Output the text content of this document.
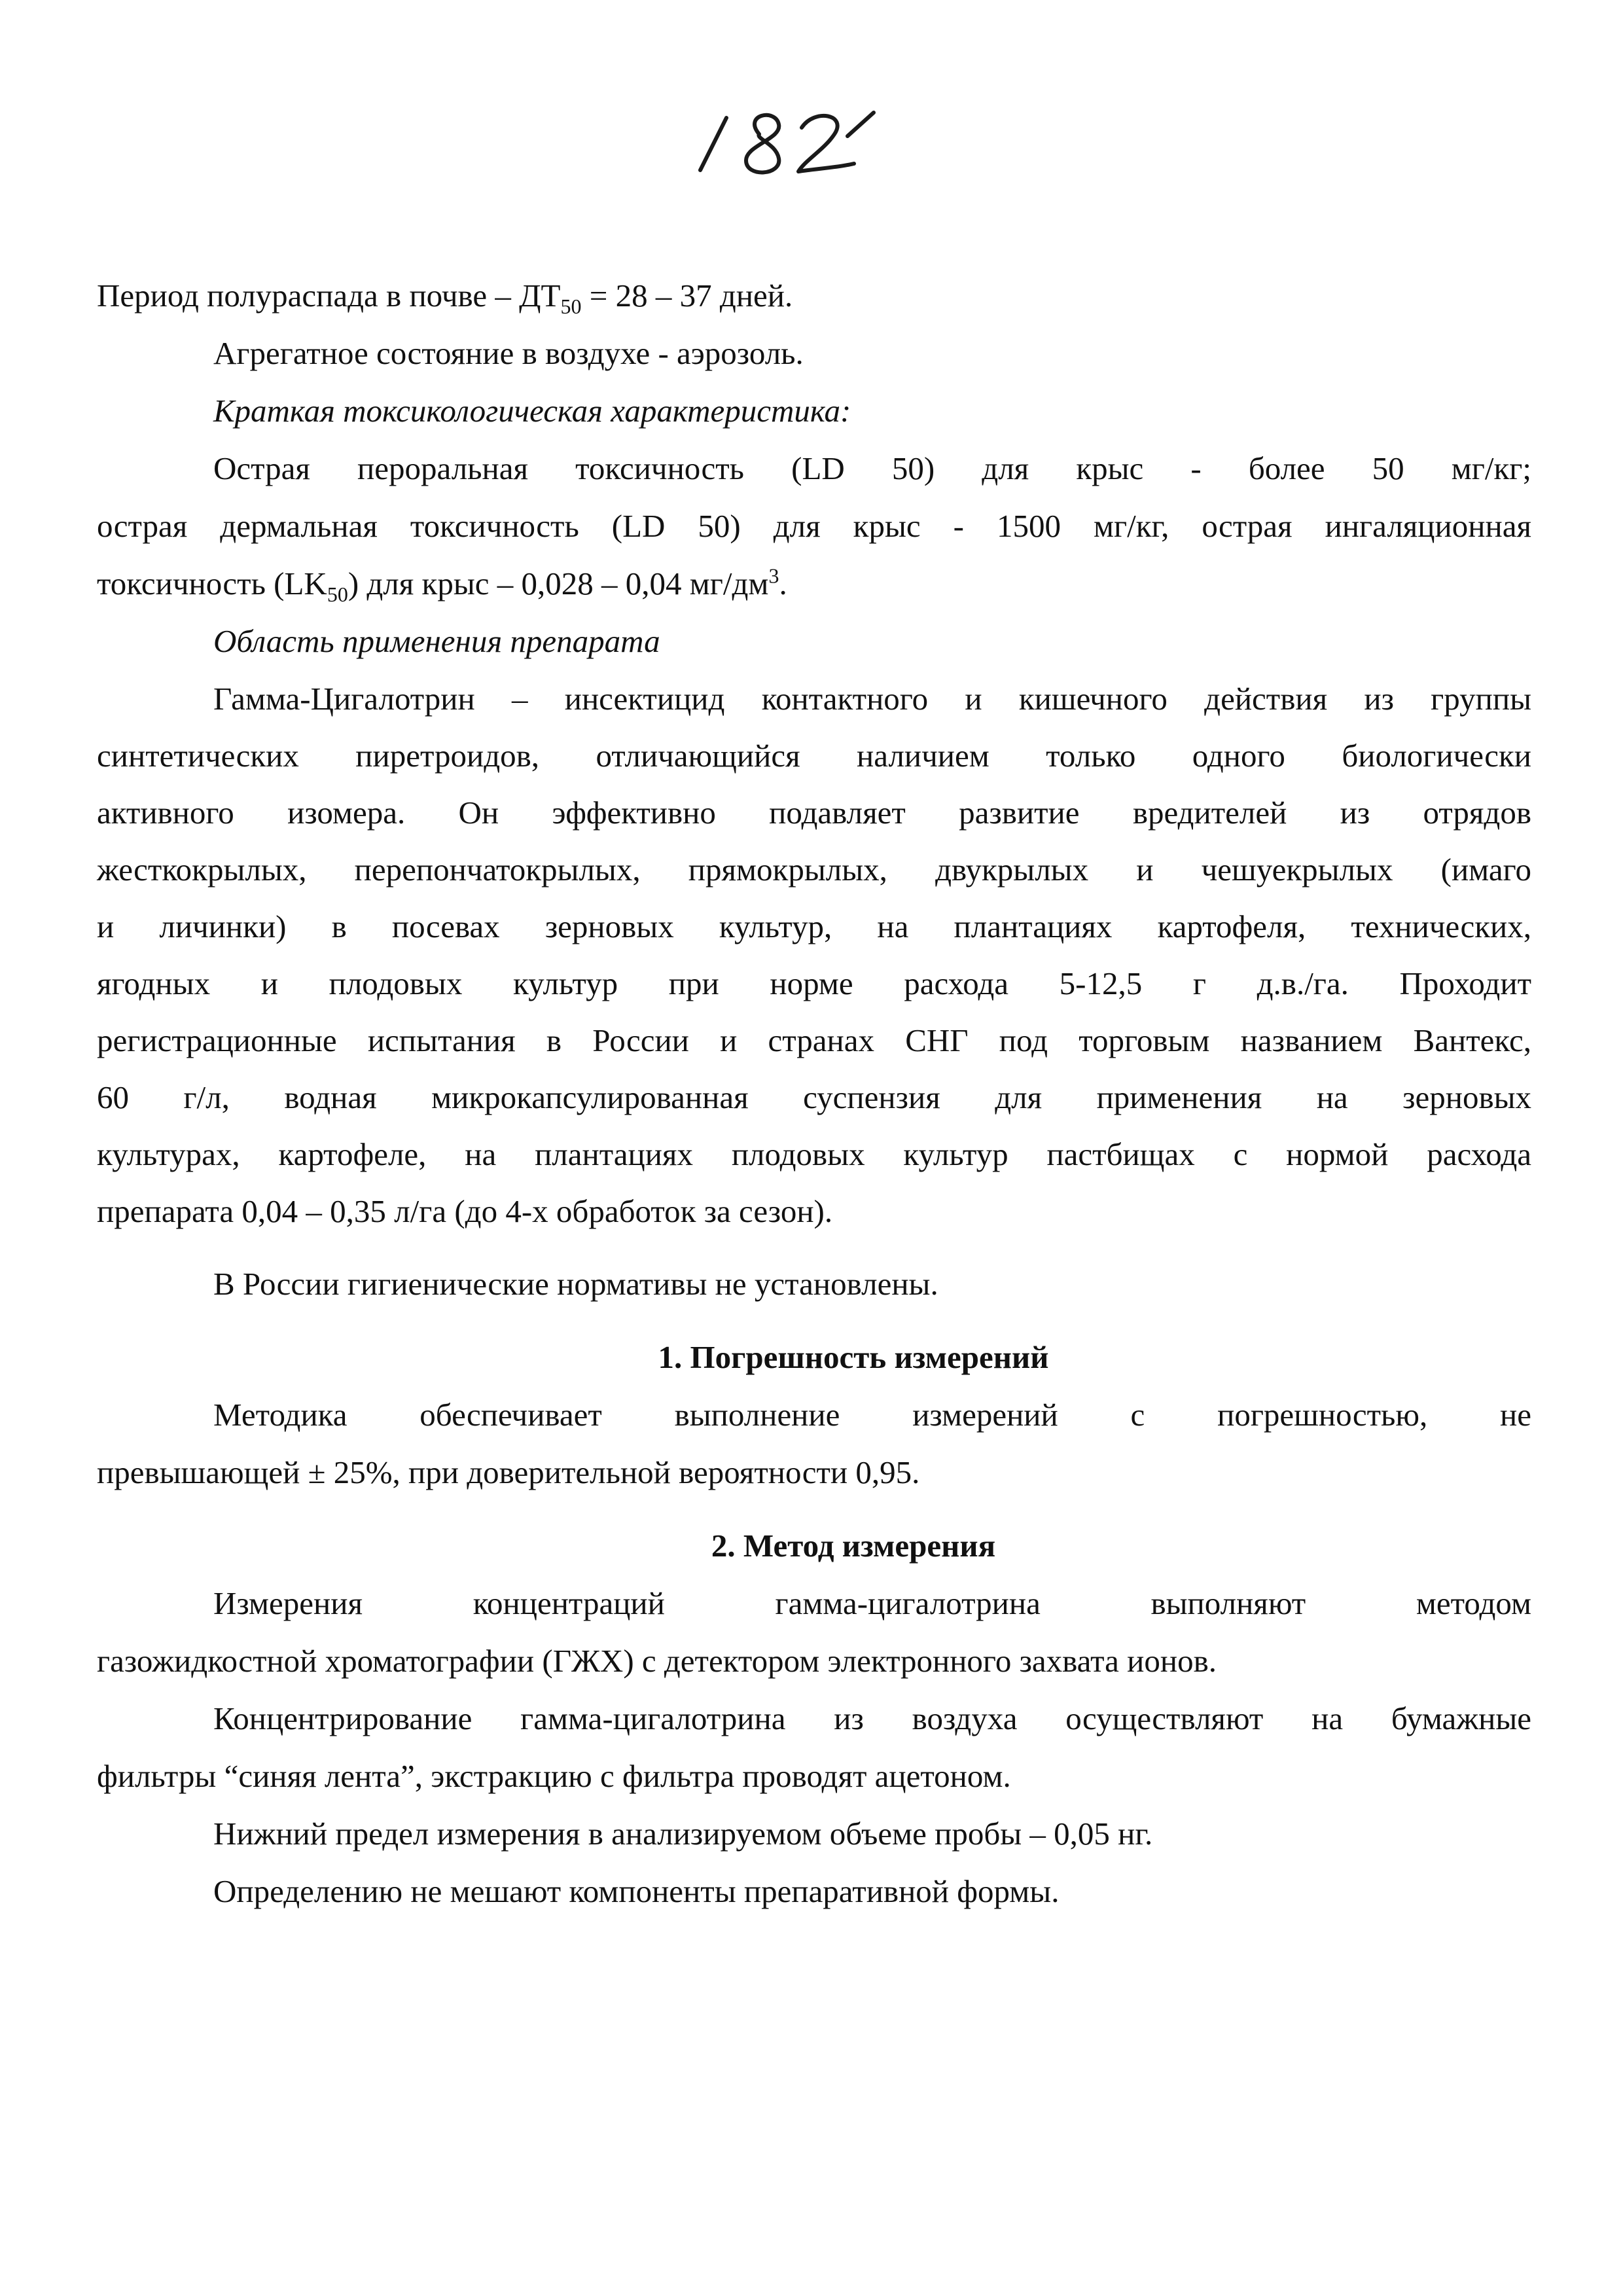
Период полураспада в почве – $ДТ_{50} = 28 - 37$ дней.

Агрегатное состояние в воздухе - аэрозоль.

Краткая токсикологическая характеристика:

Острая пероральная токсичность (LD 50) для крыс - более 50 мг/кг;

острая дермальная токсичность (LD 50) для крыс - 1500 мг/кг, острая ингаляционная

токсичность $(LK_{50})$ для крыс – 0,028 – 0,04 $мг/дм^3$.

Область применения препарата

Гамма-Цигалотрин – инсектицид контактного и кишечного действия из группы

синтетических пиретроидов, отличающийся наличием только одного биологически

активного изомера. Он эффективно подавляет развитие вредителей из отрядов

жесткокрылых, перепончатокрылых, прямокрылых, двукрылых и чешуекрылых (имаго

и личинки) в посевах зерновых культур, на плантациях картофеля, технических,

ягодных и плодовых культур при норме расхода 5-12,5 г д.в./га. Проходит

регистрационные испытания в России и странах СНГ под торговым названием Вантекс,

60 г/л, водная микрокапсулированная суспензия для применения на зерновых

культурах, картофеле, на плантациях плодовых культур пастбищах с нормой расхода

препарата 0,04 – 0,35 л/га (до 4-х обработок за сезон).

В России гигиенические нормативы не установлены.

1. Погрешность измерений

Методика обеспечивает выполнение измерений с погрешностью, не

превышающей ± 25%, при доверительной вероятности 0,95.

2. Метод измерения

Измерения концентраций гамма-цигалотрина выполняют методом

газожидкостной хроматографии (ГЖХ) с детектором электронного захвата ионов.

Концентрирование гамма-цигалотрина из воздуха осуществляют на бумажные

фильтры “синяя лента”, экстракцию с фильтра проводят ацетоном.

Нижний предел измерения в анализируемом объеме пробы – 0,05 нг.

Определению не мешают компоненты препаративной формы.
